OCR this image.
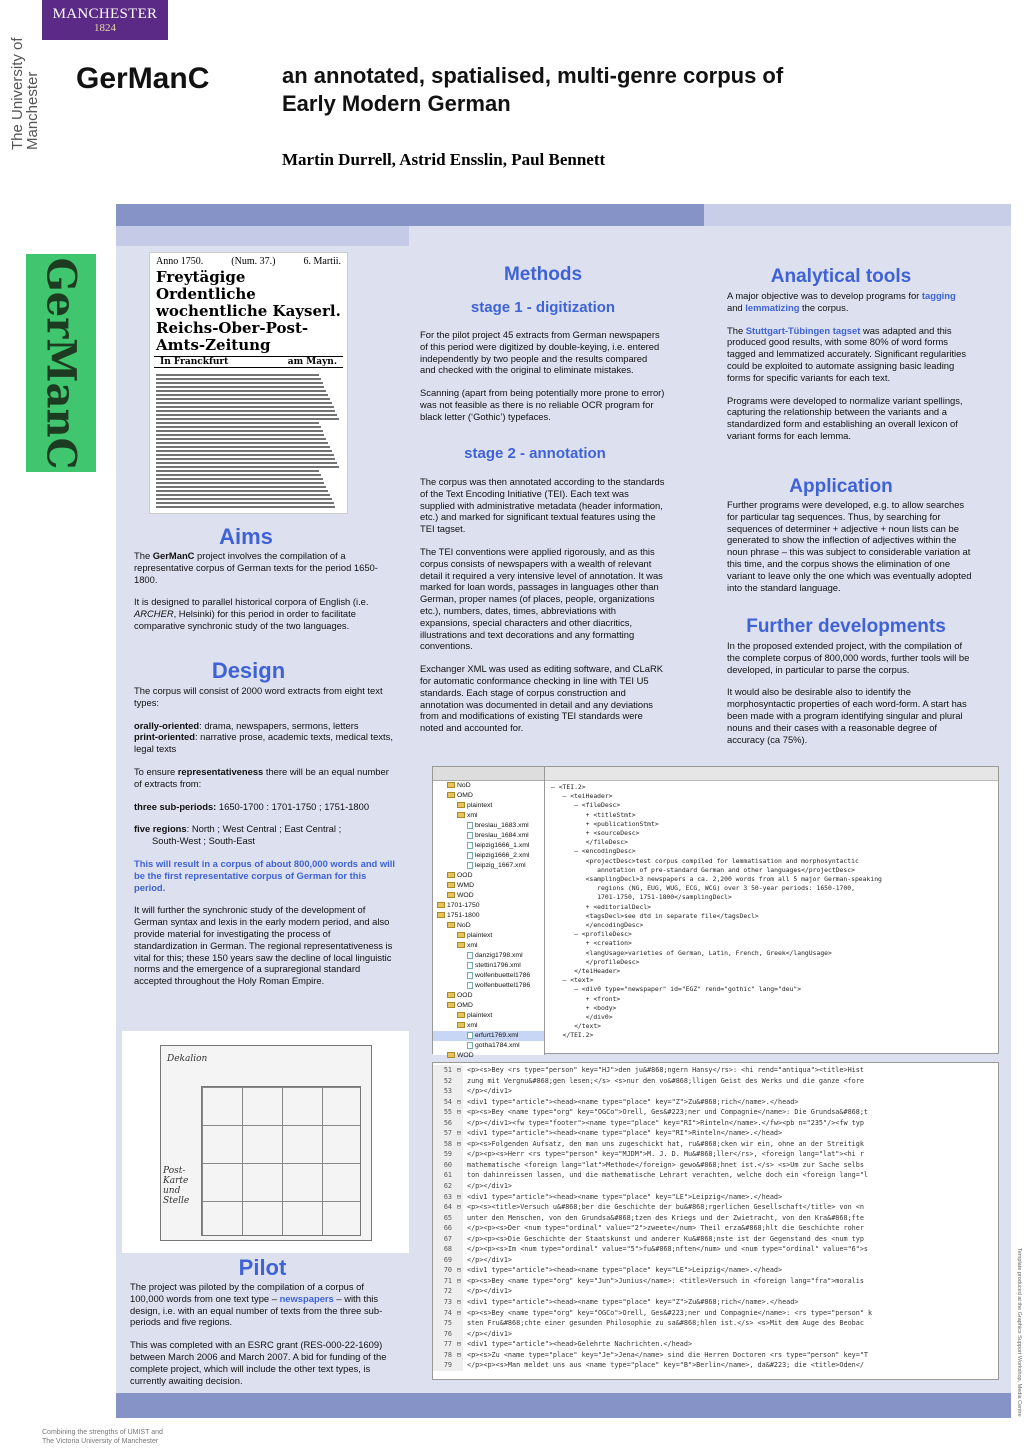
MANCHESTER
1824
The University of Manchester	GerManC	an annotated, spatialised, multi-genre corpus of Early Modern German
Martin Durrell, Astrid Ensslin, Paul Bennett
GerManC	Anno 1750.	(Num. 37.)	6. Martii.
Freytägige Ordentliche wochentliche Kayserl. Reichs-Ober-Post-Amts-Zeitung
In Franckfurt	am Mayn.
Aims

The GerManC project involves the compilation of a representative corpus of German texts for the period 1650-1800.

It is designed to parallel historical corpora of English (i.e. ARCHER, Helsinki) for this period in order to facilitate comparative synchronic study of the two languages.

Design

The corpus will consist of 2000 word extracts from eight text types:

orally-oriented: drama, newspapers, sermons, letters

print-oriented: narrative prose, academic texts, medical texts, legal texts

To ensure representativeness there will be an equal number of extracts from:

three sub-periods: 1650-1700 : 1701-1750 ; 1751-1800

five regions: North ; West Central ; East Central ;

South-West ; South-East

This will result in a corpus of about 800,000 words and will be the first representative corpus of German for this period.

It will further the synchronic study of the development of German syntax and lexis in the early modern period, and also provide material for investigating the process of standardization in German. The regional representativeness is vital for this; these 150 years saw the decline of local linguistic norms and the emergence of a supraregional standard accepted throughout the Holy Roman Empire.

Dekalion
Post-Karte und Stelle
Pilot

The project was piloted by the compilation of a corpus of 100,000 words from one text type – newspapers – with this design, i.e. with an equal number of texts from the three sub-periods and five regions.

This was completed with an ESRC grant (RES-000-22-1609) between March 2006 and March 2007. A bid for funding of the complete project, which will include the other text types, is currently awaiting decision.

Methods
stage 1 - digitization

For the pilot project 45 extracts from German newspapers of this period were digitized by double-keying, i.e. entered independently by two people and the results compared and checked with the original to eliminate mistakes.

Scanning (apart from being potentially more prone to error) was not feasible as there is no reliable OCR program for black letter (‘Gothic’) typefaces.

stage 2 - annotation

The corpus was then annotated according to the standards of the Text Encoding Initiative (TEI). Each text was supplied with administrative metadata (header information, etc.) and marked for significant textual features using the TEI tagset.

The TEI conventions were applied rigorously, and as this corpus consists of newspapers with a wealth of relevant detail it required a very intensive level of annotation. It was marked for loan words, passages in languages other than German, proper names (of places, people, organizations etc.), numbers, dates, times, abbreviations with expansions, special characters and other diacritics, illustrations and text decorations and any formatting conventions.

Exchanger XML was used as editing software, and CLaRK for automatic conformance checking in line with TEI U5 standards. Each stage of corpus construction and annotation was documented in detail and any deviations from and modifications of existing TEI standards were noted and accounted for.

Analytical tools

A major objective was to develop programs for tagging and lemmatizing the corpus.

The Stuttgart-Tübingen tagset was adapted and this produced good results, with some 80% of word forms tagged and lemmatized accurately. Significant regularities could be exploited to automate assigning basic leading forms for specific variants for each text.

Programs were developed to normalize variant spellings, capturing the relationship between the variants and a standardized form and establishing an overall lexicon of variant forms for each lemma.

Application

Further programs were developed, e.g. to allow searches for particular tag sequences. Thus, by searching for sequences of determiner + adjective + noun lists can be generated to show the inflection of adjectives within the noun phrase – this was subject to considerable variation at this time, and the corpus shows the elimination of one variant to leave only the one which was eventually adopted into the standard language.

Further developments

In the proposed extended project, with the compilation of the complete corpus of 800,000 words, further tools will be developed, in particular to parse the corpus.

It would also be desirable also to identify the morphosyntactic properties of each word-form. A start has been made with a program identifying singular and plural nouns and their cases with a reasonable degree of accuracy (ca 75%).

NoD
OMD
plaintext
xml
breslau_1683.xml
breslau_1684.xml
leipzig1666_1.xml
leipzig1666_2.xml
leipzig_1667.xml
OOD
WMD
WOD
1701-1750
1751-1800
NoD
plaintext
xml
danzig1798.xml
stettin1796.xml
wolfenbuettel1786
wolfenbuettel1786
OOD
OMD
plaintext
xml
erfurt1769.xml
gotha1784.xml
WOD
– <TEI.2>
– <teiHeader>
– <fileDesc>
+ <titleStmt>
+ <publicationStmt>
+ <sourceDesc>
</fileDesc>
– <encodingDesc>
<projectDesc>test corpus compiled for lemmatisation and morphosyntactic
annotation of pre-standard German and other languages</projectDesc>
<samplingDecl>3 newspapers a ca. 2,200 words from all 5 major German-speaking
regions (NG, EUG, WUG, ECG, WCG) over 3 50-year periods: 1650-1700,
1701-1750, 1751-1800</samplingDecl>
+ <editorialDecl>
<tagsDecl>see dtd in separate file</tagsDecl>
</encodingDesc>
– <profileDesc>
+ <creation>
<langUsage>varieties of German, Latin, French, Greek</langUsage>
</profileDesc>
</teiHeader>
– <text>
– <div0 type="newspaper" id="EGZ" rend="gothic" lang="deu">
+ <front>
+ <body>
</div0>
</text>
</TEI.2>
51 ⊟ <p><s>Bey <rs type="person" key="HJ">den ju&#868;ngern Hansy</rs>: <hi rend="antiqua"><title>Hist
52	zung mit Vergnu&#868;gen lesen;</s> <s>nur den vo&#868;lligen Geist des Werks und die ganze <fore
53	</p></div1>
54 ⊟ <div1 type="article"><head><name type="place" key="Z">Zu&#868;rich</name>.</head>
55 ⊟ <p><s>Bey <name type="org" key="OGCo">Orell, Ges&#223;ner und Compagnie</name>: Die Grundsa&#868;t
56	</p></div1><fw type="footer"><name type="place" key="RI">Rinteln</name>.</fw><pb n="235"/><fw typ
57 ⊟ <div1 type="article"><head><name type="place" key="RI">Rinteln</name>.</head>
58 ⊟ <p><s>Folgenden Aufsatz, den man uns zugeschickt hat, ru&#868;cken wir ein, ohne an der Streitigk
59	</p><p><s>Herr <rs type="person" key="MJDM">M. J. D. Mu&#868;ller</rs>, <foreign lang="lat"><hi r
60	mathematische <foreign lang="lat">Methode</foreign> gewo&#868;hnet ist.</s> <s>Um zur Sache selbs
61	ton dahinreissen lassen, und die mathematische Lehrart verachten, welche doch ein <foreign lang="l
62	</p></div1>
63 ⊟ <div1 type="article"><head><name type="place" key="LE">Leipzig</name>.</head>
64 ⊟ <p><s><title>Versuch u&#868;ber die Geschichte der bu&#868;rgerlichen Gesellschaft</title> von <n
65	unter den Menschen, von den Grundsa&#868;tzen des Kriegs und der Zwietracht, von den Kra&#868;fte
66	</p><p><s>Der <num type="ordinal" value="2">zweete</num> Theil erza&#868;hlt die Geschichte roher
67	</p><p><s>Die Geschichte der Staatskunst und anderer Ku&#868;nste ist der Gegenstand des <num typ
68	</p><p><s>Im <num type="ordinal" value="5">fu&#868;nften</num> und <num type="ordinal" value="6">s
69	</p></div1>
70 ⊟ <div1 type="article"><head><name type="place" key="LE">Leipzig</name>.</head>
71 ⊟ <p><s>Bey <name type="org" key="Jun">Junius</name>: <title>Versuch in <foreign lang="fra">moralis
72	</p></div1>
73 ⊟ <div1 type="article"><head><name type="place" key="Z">Zu&#868;rich</name>.</head>
74 ⊟ <p><s>Bey <name type="org" key="OGCo">Orell, Ges&#223;ner und Compagnie</name>: <rs type="person" k
75	sten Fru&#868;chte einer gesunden Philosophie zu sa&#868;hlen ist.</s> <s>Mit dem Auge des Beobac
76	</p></div1>
77 ⊟ <div1 type="article"><head>Gelehrte Nachrichten.</head>
78 ⊟ <p><s>Zu <name type="place" key="Je">Jena</name> sind die Herren Doctoren <rs type="person" key="T
79	</p><p><s>Man meldet uns aus <name type="place" key="B">Berlin</name>, da&#223; die <title>Oden</	Template produced at the Graphics Support Workshop, Media Centre
Combining the strengths of UMIST and
The Victoria University of Manchester
